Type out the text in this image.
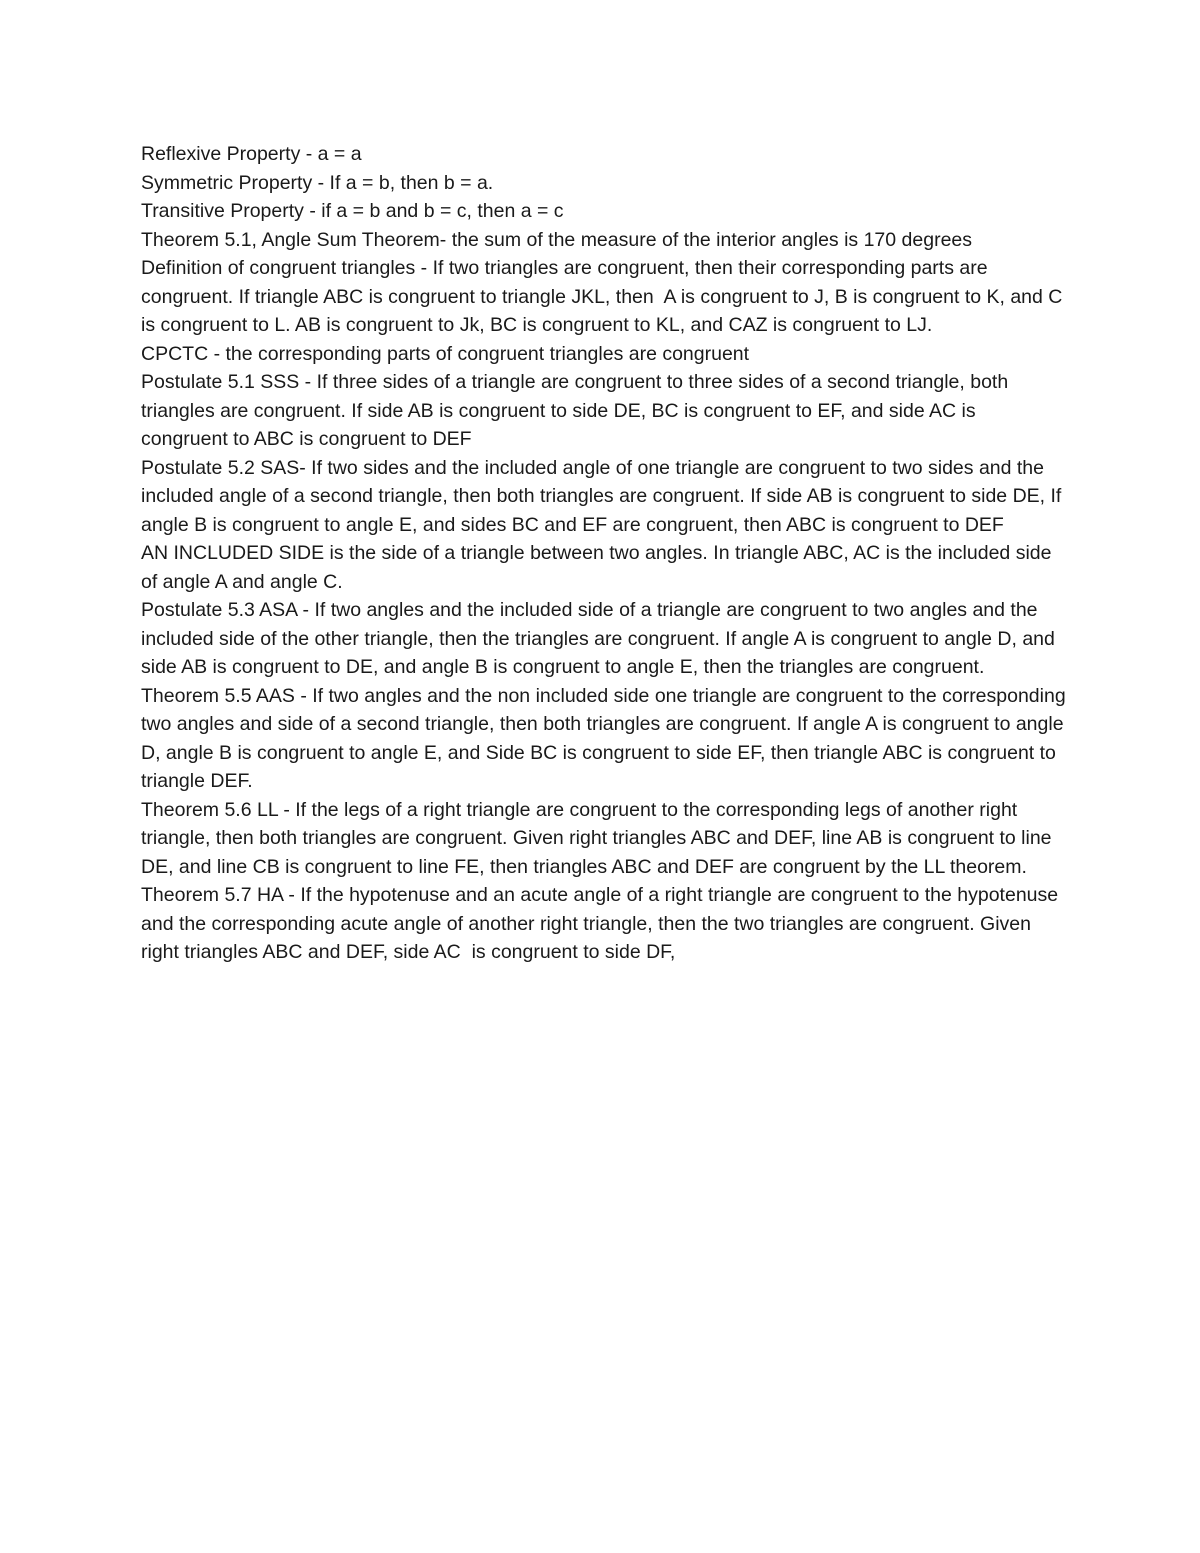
Reflexive Property - a = a

Symmetric Property - If a = b, then b = a.

Transitive Property - if a = b and b = c, then a = c

Theorem 5.1, Angle Sum Theorem- the sum of the measure of the interior angles is 170 degrees

Definition of congruent triangles - If two triangles are congruent, then their corresponding parts are congruent. If triangle ABC is congruent to triangle JKL, then  A is congruent to J, B is congruent to K, and C is congruent to L. AB is congruent to Jk, BC is congruent to KL, and CAZ is congruent to LJ.

CPCTC - the corresponding parts of congruent triangles are congruent

Postulate 5.1 SSS - If three sides of a triangle are congruent to three sides of a second triangle, both triangles are congruent. If side AB is congruent to side DE, BC is congruent to EF, and side AC is congruent to ABC is congruent to DEF

Postulate 5.2 SAS- If two sides and the included angle of one triangle are congruent to two sides and the included angle of a second triangle, then both triangles are congruent. If side AB is congruent to side DE, If angle B is congruent to angle E, and sides BC and EF are congruent, then ABC is congruent to DEF

AN INCLUDED SIDE is the side of a triangle between two angles. In triangle ABC, AC is the included side of angle A and angle C.

Postulate 5.3 ASA - If two angles and the included side of a triangle are congruent to two angles and the included side of the other triangle, then the triangles are congruent. If angle A is congruent to angle D, and side AB is congruent to DE, and angle B is congruent to angle E, then the triangles are congruent.

Theorem 5.5 AAS - If two angles and the non included side one triangle are congruent to the corresponding two angles and side of a second triangle, then both triangles are congruent. If angle A is congruent to angle D, angle B is congruent to angle E, and Side BC is congruent to side EF, then triangle ABC is congruent to triangle DEF.

Theorem 5.6 LL - If the legs of a right triangle are congruent to the corresponding legs of another right triangle, then both triangles are congruent. Given right triangles ABC and DEF, line AB is congruent to line DE, and line CB is congruent to line FE, then triangles ABC and DEF are congruent by the LL theorem.

Theorem 5.7 HA - If the hypotenuse and an acute angle of a right triangle are congruent to the hypotenuse and the corresponding acute angle of another right triangle, then the two triangles are congruent. Given right triangles ABC and DEF, side AC  is congruent to side DF,
